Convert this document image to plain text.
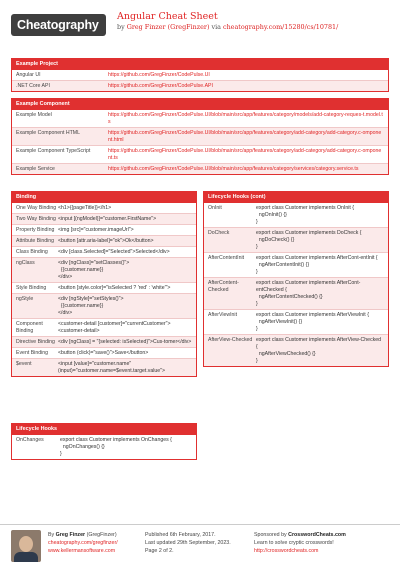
Cheatography
Angular Cheat Sheet
by Greg Finzer (GregFinzer) via cheatography.com/15280/cs/10781/
Example Project
Angular UI	https://github.com/GregFinzer/CodePulse.UI
.NET Core API	https://github.com/GregFinzer/CodePulse.API
Example Component
Example Model	https://github.com/GregFinzer/CodePulse.UI/blob/main/src/app/features/category/models/add-category-reques-t.model.ts
Example Component HTML	https://github.com/GregFinzer/CodePulse.UI/blob/main/src/app/features/category/add-category/add-category.c-omponent.html
Example Component TypeScript	https://github.com/GregFinzer/CodePulse.UI/blob/main/src/app/features/category/add-category/add-category.c-omponent.ts
Example Service	https://github.com/GregFinzer/CodePulse.UI/blob/main/src/app/features/category/services/category.service.ts
Binding
One Way Binding <h1>{{pageTitle}}</h1>
Two Way Binding <input [(ngModel)]="customer.FirstName">
Property Binding <img [src]="customer.imageUrl">
Attribute Binding <button [attr.aria-label]="ok">Ok</button>
Class Binding	<div [class.Selected]="Selected">Selected</div>
ngClass	<div [ngClass]="setClasses()">
{{customer.name}}
</div>
Style Binding	<button [style.color]="isSelected ? 'red' : 'white'">
ngStyle	<div [ngStyle]="setStyles()">
{{customer.name}}
</div>
Component Binding
<customer-detail [customer]="currentCustomer">
<customer-detail>
Directive Binding <div [ngClass] = "{selected: isSelected}">Cus-tomer</div>
Event Binding	<button (click)="save()">Save</button>
$event	<input [value]="customer.name"
(input)="customer.name=$event.target.value">
Lifecycle Hooks (cont)
OnInit	export class Customer implements OnInit {
ngOnInit() {}
}
DoCheck	export class Customer implements DoCheck {
ngDoCheck() {}
}
AfterContentInit	export class Customer implements AfterCont-entInit {
ngAfterContentInit() {}
}
AfterContent-Checked
export class Customer implements AfterCont-entChecked {
ngAfterContentChecked() {}
}
AfterViewInit	export class Customer implements AfterViewInit {
ngAfterViewInit() {}
}
AfterView-Checked export class Customer implements AfterView-Checked {
ngAfterViewChecked() {}
}
Lifecycle Hooks
OnChanges	export class Customer implements OnChanges {
ngOnChanges() {}
}
By Greg Finzer (GregFinzer)
cheatography.com/gregfinzer/
www.kellermansoftware.com
Published 6th February, 2017.
Last updated 29th September, 2023.
Page 2 of 2.
Sponsored by CrosswordCheats.com
Learn to solve cryptic crosswords!
http://crosswordcheats.com
